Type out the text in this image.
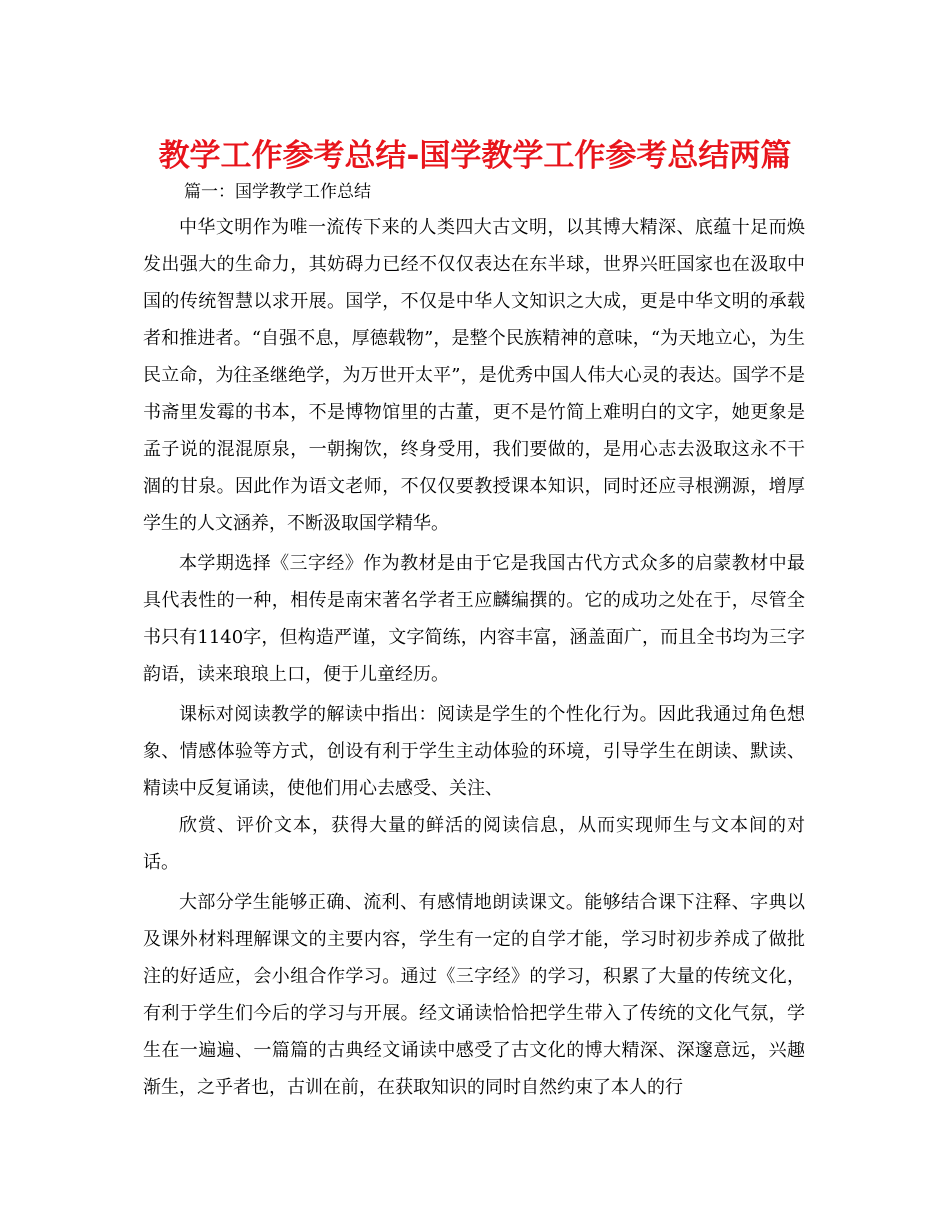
教学工作参考总结-国学教学工作参考总结两篇

篇一：国学教学工作总结

中华文明作为唯一流传下来的人类四大古文明，以其博大精深、底蕴十足而焕发出强大的生命力，其妨碍力已经不仅仅表达在东半球，世界兴旺国家也在汲取中国的传统智慧以求开展。国学，不仅是中华人文知识之大成，更是中华文明的承载者和推进者。“自强不息，厚德载物”，是整个民族精神的意味，“为天地立心，为生民立命，为往圣继绝学，为万世开太平”，是优秀中国人伟大心灵的表达。国学不是书斋里发霉的书本，不是博物馆里的古董，更不是竹简上难明白的文字，她更象是孟子说的混混原泉，一朝掬饮，终身受用，我们要做的，是用心志去汲取这永不干涸的甘泉。因此作为语文老师，不仅仅要教授课本知识，同时还应寻根溯源，增厚学生的人文涵养，不断汲取国学精华。

本学期选择《三字经》作为教材是由于它是我国古代方式众多的启蒙教材中最具代表性的一种，相传是南宋著名学者王应麟编撰的。它的成功之处在于，尽管全书只有1140字，但构造严谨，文字简练，内容丰富，涵盖面广，而且全书均为三字韵语，读来琅琅上口，便于儿童经历。

课标对阅读教学的解读中指出：阅读是学生的个性化行为。因此我通过角色想象、情感体验等方式，创设有利于学生主动体验的环境，引导学生在朗读、默读、精读中反复诵读，使他们用心去感受、关注、

欣赏、评价文本，获得大量的鲜活的阅读信息，从而实现师生与文本间的对话。

大部分学生能够正确、流利、有感情地朗读课文。能够结合课下注释、字典以及课外材料理解课文的主要内容，学生有一定的自学才能，学习时初步养成了做批注的好适应，会小组合作学习。通过《三字经》的学习，积累了大量的传统文化，有利于学生们今后的学习与开展。经文诵读恰恰把学生带入了传统的文化气氛，学生在一遍遍、一篇篇的古典经文诵读中感受了古文化的博大精深、深邃意远，兴趣渐生，之乎者也，古训在前，在获取知识的同时自然约束了本人的行
